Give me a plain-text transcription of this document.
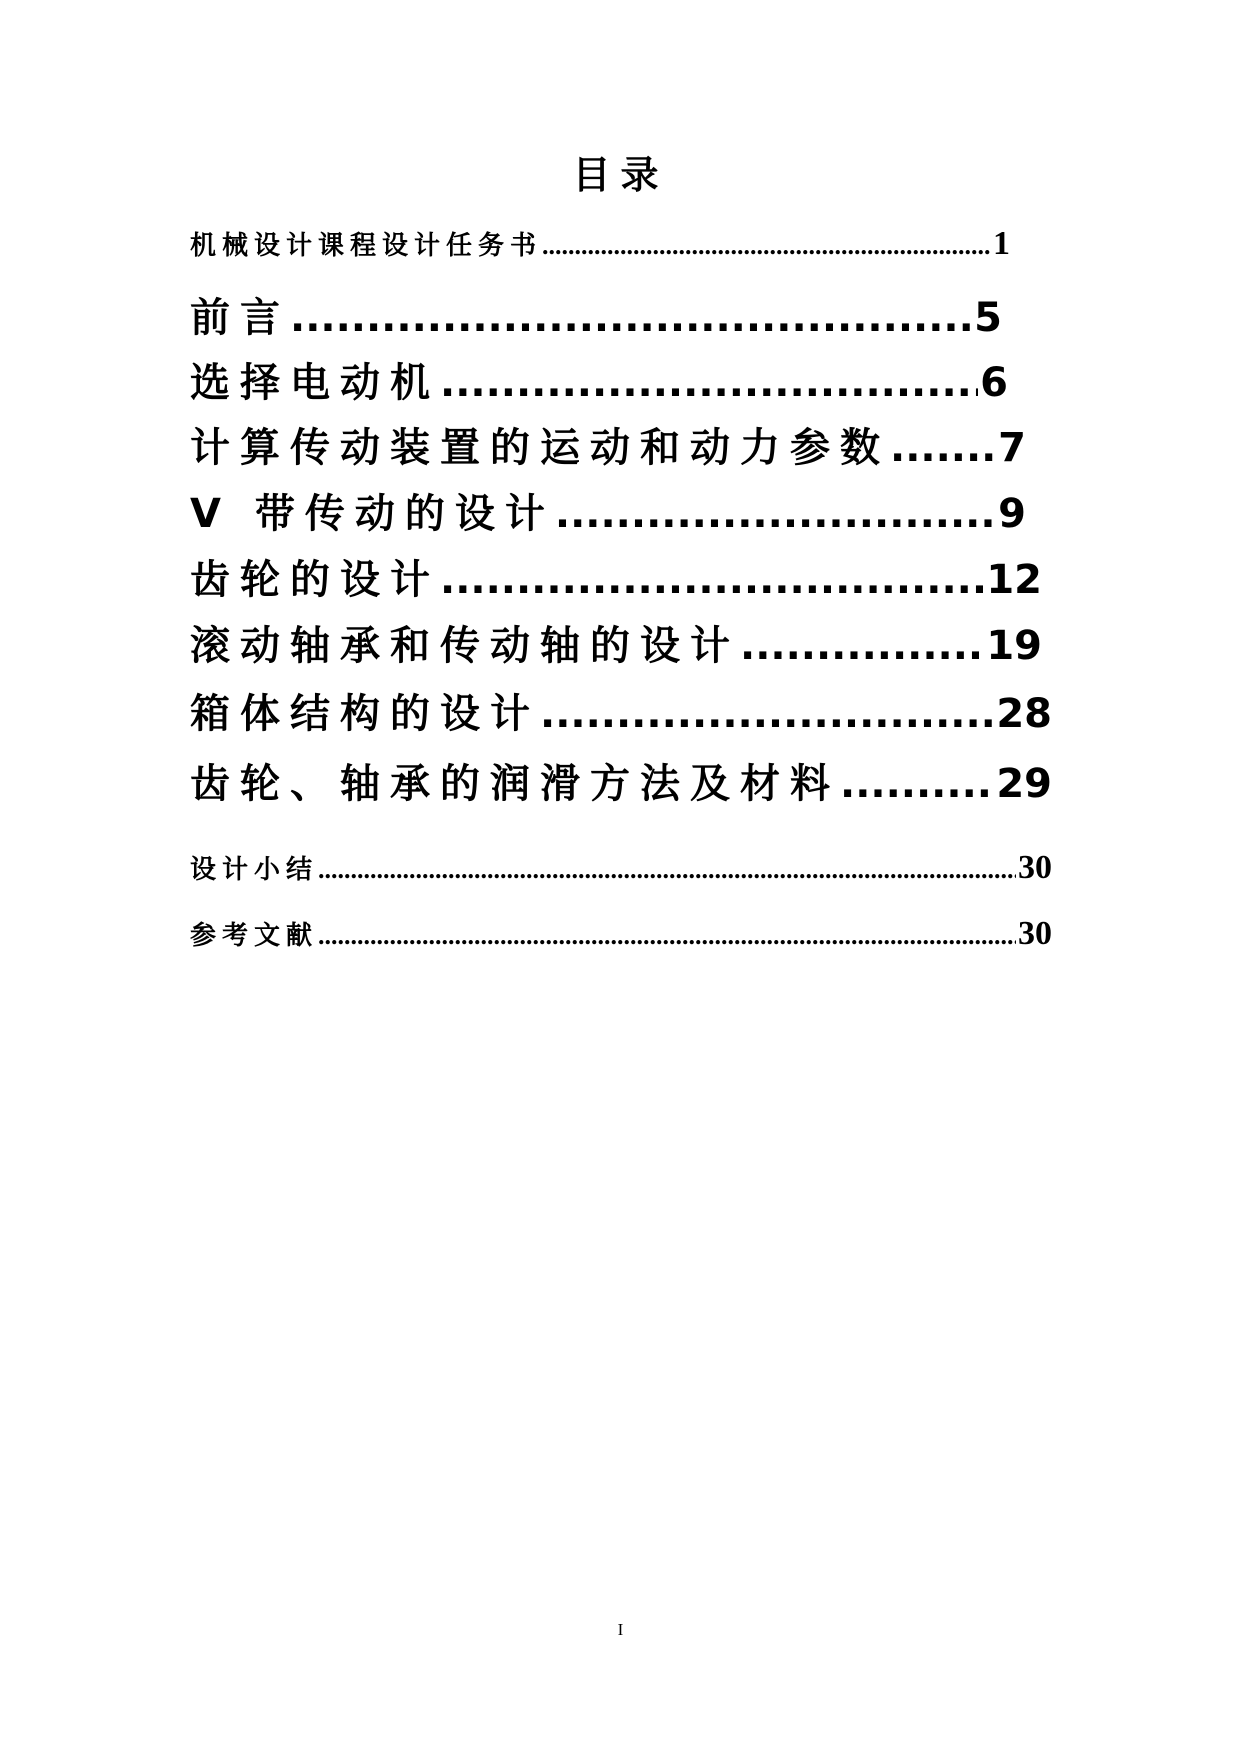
目录
机械设计课程设计任务书 .....	1
前言 .....	5
选择电动机 .....	6
计算传动装置的运动和动力参数 .....	7
V 带传动的设计 .....	9
齿轮的设计 .....	12
滚动轴承和传动轴的设计 .....	19
箱体结构的设计 .....	28
齿轮、轴承的润滑方法及材料 .....	29
设计小结 .....	30
参考文献 .....	30
I
